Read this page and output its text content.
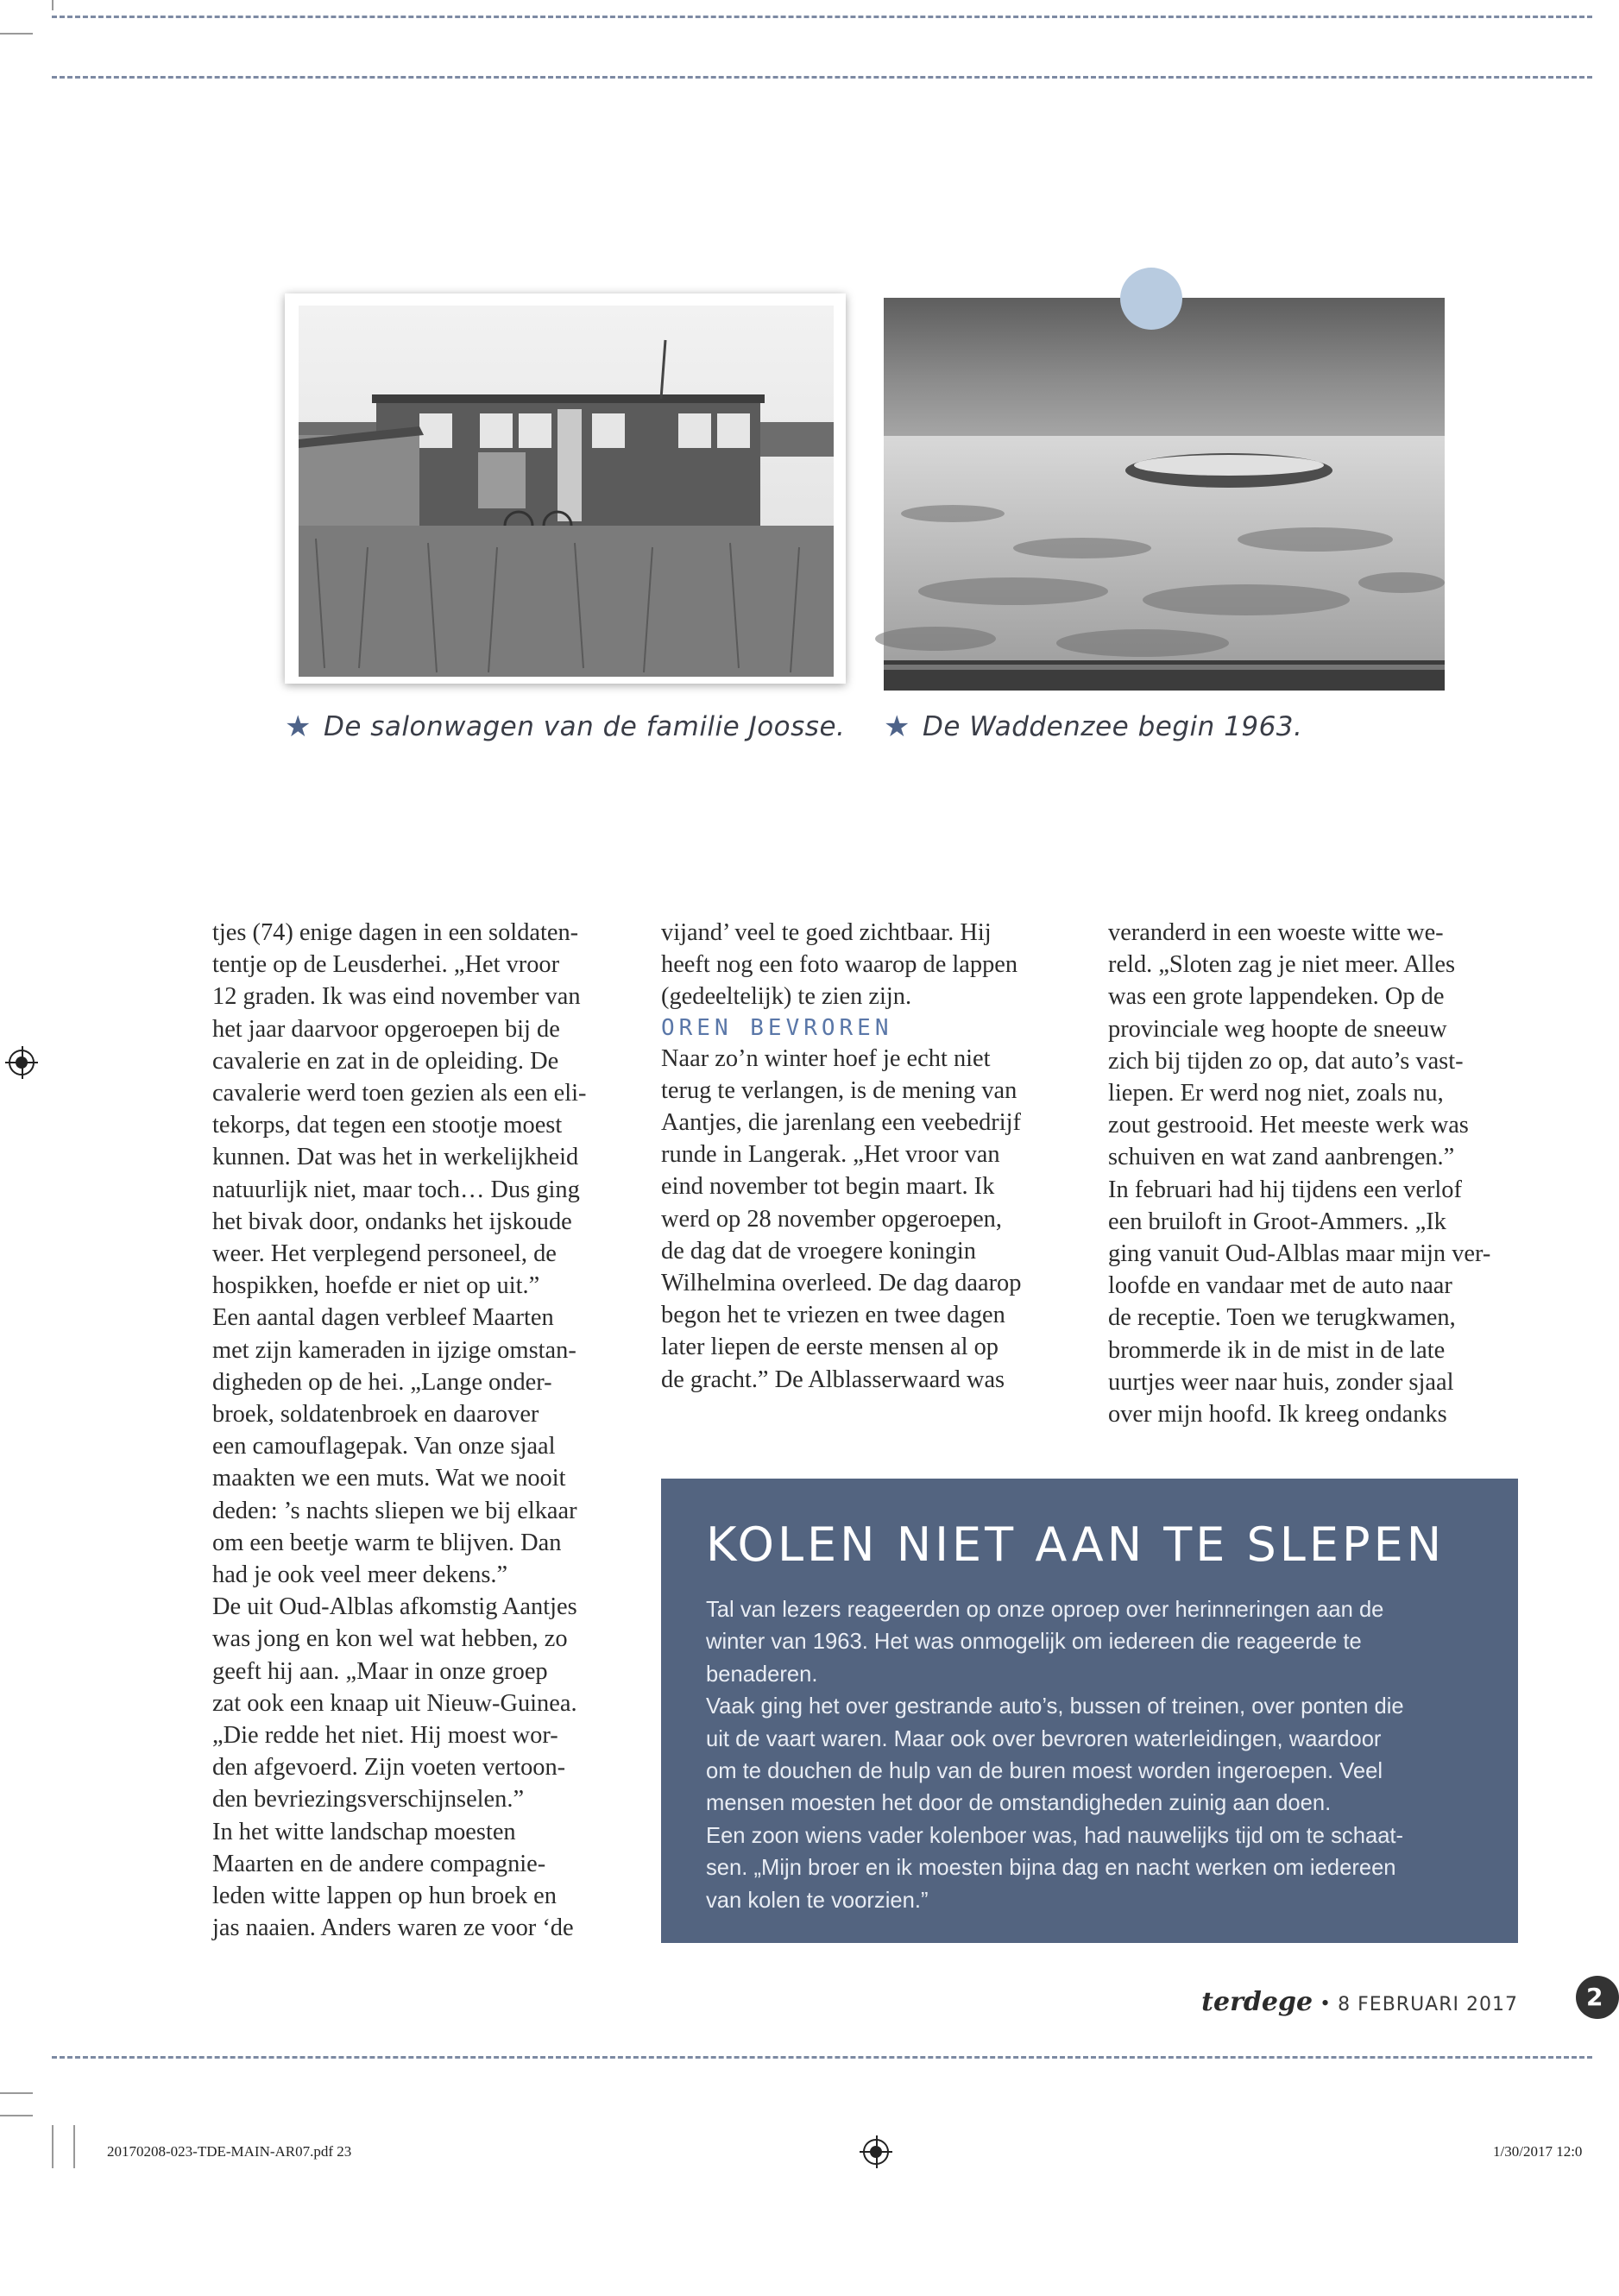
★ De salonwagen van de familie Joosse. ★ De Waddenzee begin 1963.

tjes (74) enige dagen in een soldaten-

tentje op de Leusderhei. „Het vroor

12 graden. Ik was eind november van

het jaar daarvoor opgeroepen bij de

cavalerie en zat in de opleiding. De

cavalerie werd toen gezien als een eli-

tekorps, dat tegen een stootje moest

kunnen. Dat was het in werkelijkheid

natuurlijk niet, maar toch… Dus ging

het bivak door, ondanks het ijskoude

weer. Het verplegend personeel, de

hospikken, hoefde er niet op uit.”

Een aantal dagen verbleef Maarten

met zijn kameraden in ijzige omstan-

digheden op de hei. „Lange onder-

broek, soldatenbroek en daarover

een camouflagepak. Van onze sjaal

maakten we een muts. Wat we nooit

deden: ’s nachts sliepen we bij elkaar

om een beetje warm te blijven. Dan

had je ook veel meer dekens.”

De uit Oud-Alblas afkomstig Aantjes

was jong en kon wel wat hebben, zo

geeft hij aan. „Maar in onze groep

zat ook een knaap uit Nieuw-Guinea.

„Die redde het niet. Hij moest wor-

den afgevoerd. Zijn voeten vertoon-

den bevriezingsverschijnselen.”

In het witte landschap moesten

Maarten en de andere compagnie-

leden witte lappen op hun broek en

jas naaien. Anders waren ze voor ‘de

vijand’ veel te goed zichtbaar. Hij

heeft nog een foto waarop de lappen

(gedeeltelijk) te zien zijn.

OREN BEVROREN

Naar zo’n winter hoef je echt niet

terug te verlangen, is de mening van

Aantjes, die jarenlang een veebedrijf

runde in Langerak. „Het vroor van

eind november tot begin maart. Ik

werd op 28 november opgeroepen,

de dag dat de vroegere koningin

Wilhelmina overleed. De dag daarop

begon het te vriezen en twee dagen

later liepen de eerste mensen al op

de gracht.” De Alblasserwaard was

veranderd in een woeste witte we-

reld. „Sloten zag je niet meer. Alles

was een grote lappendeken. Op de

provinciale weg hoopte de sneeuw

zich bij tijden zo op, dat auto’s vast-

liepen. Er werd nog niet, zoals nu,

zout gestrooid. Het meeste werk was

schuiven en wat zand aanbrengen.”

In februari had hij tijdens een verlof

een bruiloft in Groot-Ammers. „Ik

ging vanuit Oud-Alblas maar mijn ver-

loofde en vandaar met de auto naar

de receptie. Toen we terugkwamen,

brommerde ik in de mist in de late

uurtjes weer naar huis, zonder sjaal

over mijn hoofd. Ik kreeg ondanks

KOLEN NIET AAN TE SLEPEN

Tal van lezers reageerden op onze oproep over herinneringen aan de

winter van 1963. Het was onmogelijk om iedereen die reageerde te

benaderen.

Vaak ging het over gestrande auto’s, bussen of treinen, over ponten die

uit de vaart waren. Maar ook over bevroren waterleidingen, waardoor

om te douchen de hulp van de buren moest worden ingeroepen. Veel

mensen moesten het door de omstandigheden zuinig aan doen.

Een zoon wiens vader kolenboer was, had nauwelijks tijd om te schaat-

sen. „Mijn broer en ik moesten bijna dag en nacht werken om iedereen

van kolen te voorzien.”

terdege • 8 FEBRUARI 2017	2
20170208-023-TDE-MAIN-AR07.pdf 23	1/30/2017 12:0
